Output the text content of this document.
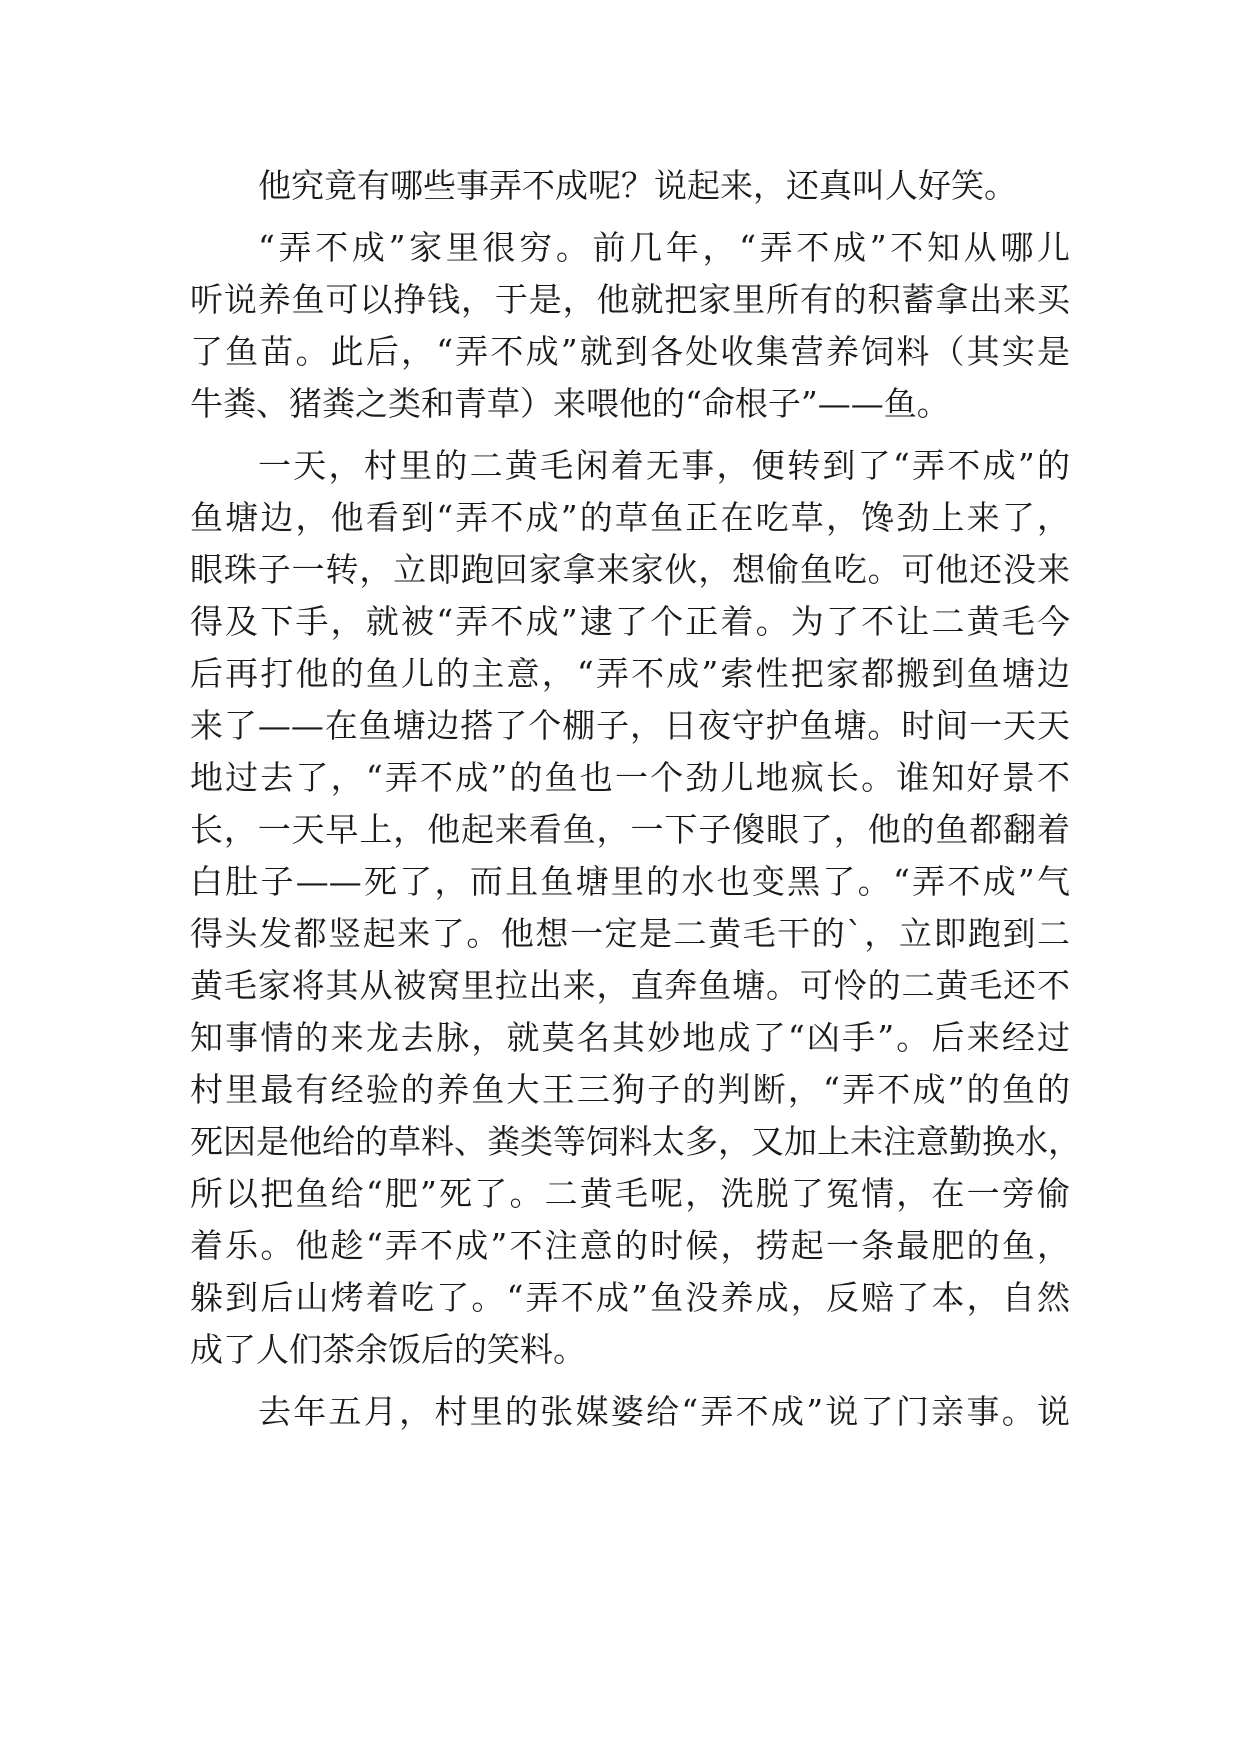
他究竟有哪些事弄不成呢？说起来，还真叫人好笑。
“弄不成”家里很穷。前几年，“弄不成”不知从哪儿
听说养鱼可以挣钱，于是，他就把家里所有的积蓄拿出来买
了鱼苗。此后，“弄不成”就到各处收集营养饲料（其实是
牛粪、猪粪之类和青草）来喂他的“命根子”——鱼。
一天，村里的二黄毛闲着无事，便转到了“弄不成”的
鱼塘边，他看到“弄不成”的草鱼正在吃草，馋劲上来了，
眼珠子一转，立即跑回家拿来家伙，想偷鱼吃。可他还没来
得及下手，就被“弄不成”逮了个正着。为了不让二黄毛今
后再打他的鱼儿的主意，“弄不成”索性把家都搬到鱼塘边
来了——在鱼塘边搭了个棚子，日夜守护鱼塘。时间一天天
地过去了，“弄不成”的鱼也一个劲儿地疯长。谁知好景不
长，一天早上，他起来看鱼，一下子傻眼了，他的鱼都翻着
白肚子——死了，而且鱼塘里的水也变黑了。“弄不成”气
得头发都竖起来了。他想一定是二黄毛干的`，立即跑到二
黄毛家将其从被窝里拉出来，直奔鱼塘。可怜的二黄毛还不
知事情的来龙去脉，就莫名其妙地成了“凶手”。后来经过
村里最有经验的养鱼大王三狗子的判断，“弄不成”的鱼的
死因是他给的草料、粪类等饲料太多，又加上未注意勤换水，
所以把鱼给“肥”死了。二黄毛呢，洗脱了冤情，在一旁偷
着乐。他趁“弄不成”不注意的时候，捞起一条最肥的鱼，
躲到后山烤着吃了。“弄不成”鱼没养成，反赔了本，自然
成了人们茶余饭后的笑料。
去年五月，村里的张媒婆给“弄不成”说了门亲事。说
